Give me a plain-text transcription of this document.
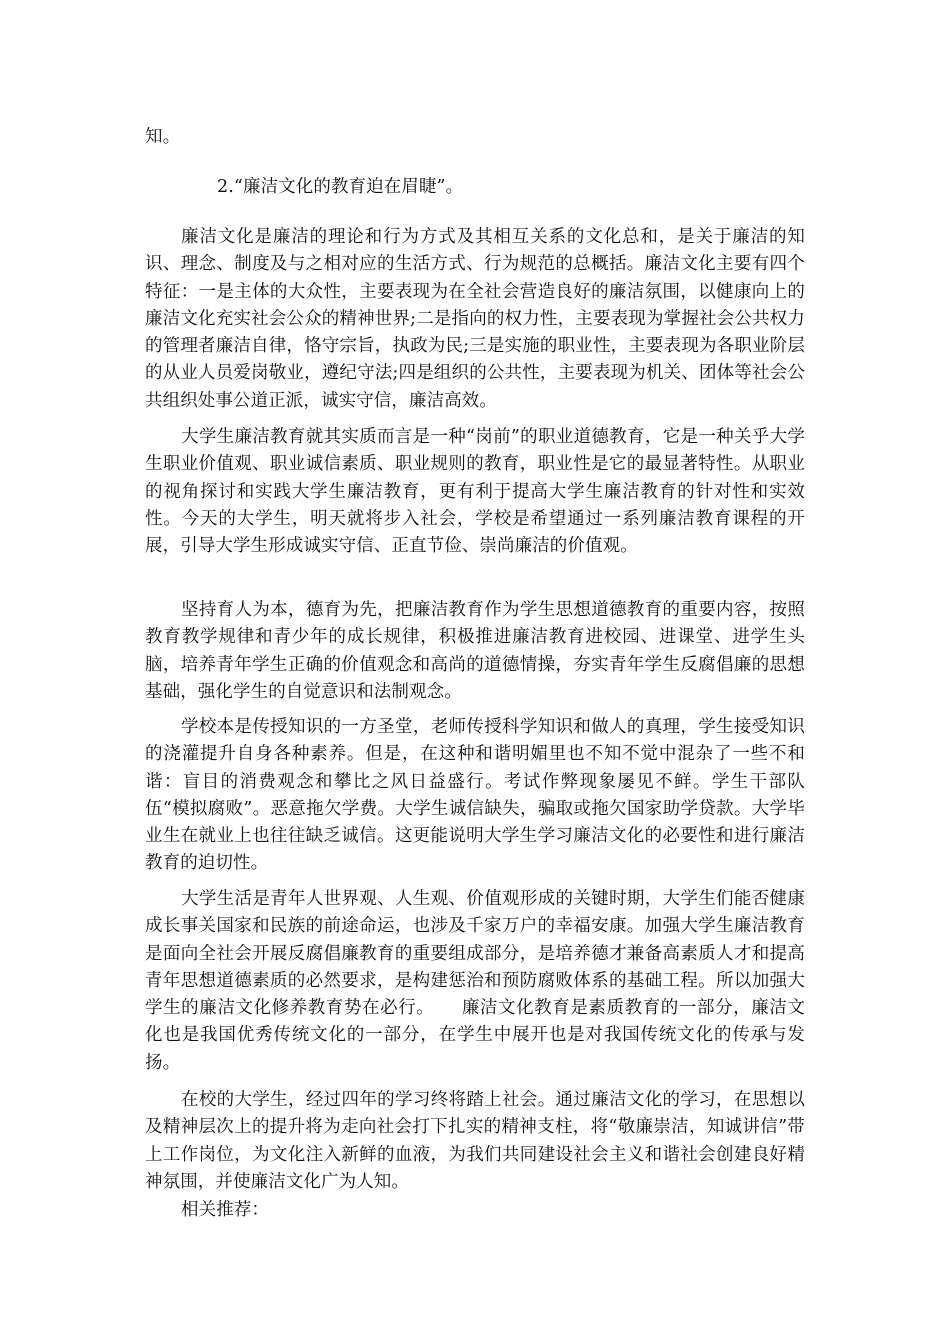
知。

2.“廉洁文化的教育迫在眉睫”。

廉洁文化是廉洁的理论和行为方式及其相互关系的文化总和，是关于廉洁的知识、理念、制度及与之相对应的生活方式、行为规范的总概括。廉洁文化主要有四个特征：一是主体的大众性，主要表现为在全社会营造良好的廉洁氛围，以健康向上的廉洁文化充实社会公众的精神世界;二是指向的权力性，主要表现为掌握社会公共权力的管理者廉洁自律，恪守宗旨，执政为民;三是实施的职业性，主要表现为各职业阶层的从业人员爱岗敬业，遵纪守法;四是组织的公共性，主要表现为机关、团体等社会公共组织处事公道正派，诚实守信，廉洁高效。

大学生廉洁教育就其实质而言是一种“岗前”的职业道德教育，它是一种关乎大学生职业价值观、职业诚信素质、职业规则的教育，职业性是它的最显著特性。从职业的视角探讨和实践大学生廉洁教育，更有利于提高大学生廉洁教育的针对性和实效性。今天的大学生，明天就将步入社会，学校是希望通过一系列廉洁教育课程的开展，引导大学生形成诚实守信、正直节俭、崇尚廉洁的价值观。

坚持育人为本，德育为先，把廉洁教育作为学生思想道德教育的重要内容，按照教育教学规律和青少年的成长规律，积极推进廉洁教育进校园、进课堂、进学生头脑，培养青年学生正确的价值观念和高尚的道德情操，夯实青年学生反腐倡廉的思想基础，强化学生的自觉意识和法制观念。

学校本是传授知识的一方圣堂，老师传授科学知识和做人的真理，学生接受知识的浇灌提升自身各种素养。但是，在这种和谐明媚里也不知不觉中混杂了一些不和谐：盲目的消费观念和攀比之风日益盛行。考试作弊现象屡见不鲜。学生干部队伍“模拟腐败”。恶意拖欠学费。大学生诚信缺失，骗取或拖欠国家助学贷款。大学毕业生在就业上也往往缺乏诚信。这更能说明大学生学习廉洁文化的必要性和进行廉洁教育的迫切性。

大学生活是青年人世界观、人生观、价值观形成的关键时期，大学生们能否健康成长事关国家和民族的前途命运，也涉及千家万户的幸福安康。加强大学生廉洁教育是面向全社会开展反腐倡廉教育的重要组成部分，是培养德才兼备高素质人才和提高青年思想道德素质的必然要求，是构建惩治和预防腐败体系的基础工程。所以加强大学生的廉洁文化修养教育势在必行。　　廉洁文化教育是素质教育的一部分，廉洁文化也是我国优秀传统文化的一部分，在学生中展开也是对我国传统文化的传承与发扬。

在校的大学生，经过四年的学习终将踏上社会。通过廉洁文化的学习，在思想以及精神层次上的提升将为走向社会打下扎实的精神支柱，将“敬廉崇洁，知诚讲信”带上工作岗位，为文化注入新鲜的血液，为我们共同建设社会主义和谐社会创建良好精神氛围，并使廉洁文化广为人知。

相关推荐：
